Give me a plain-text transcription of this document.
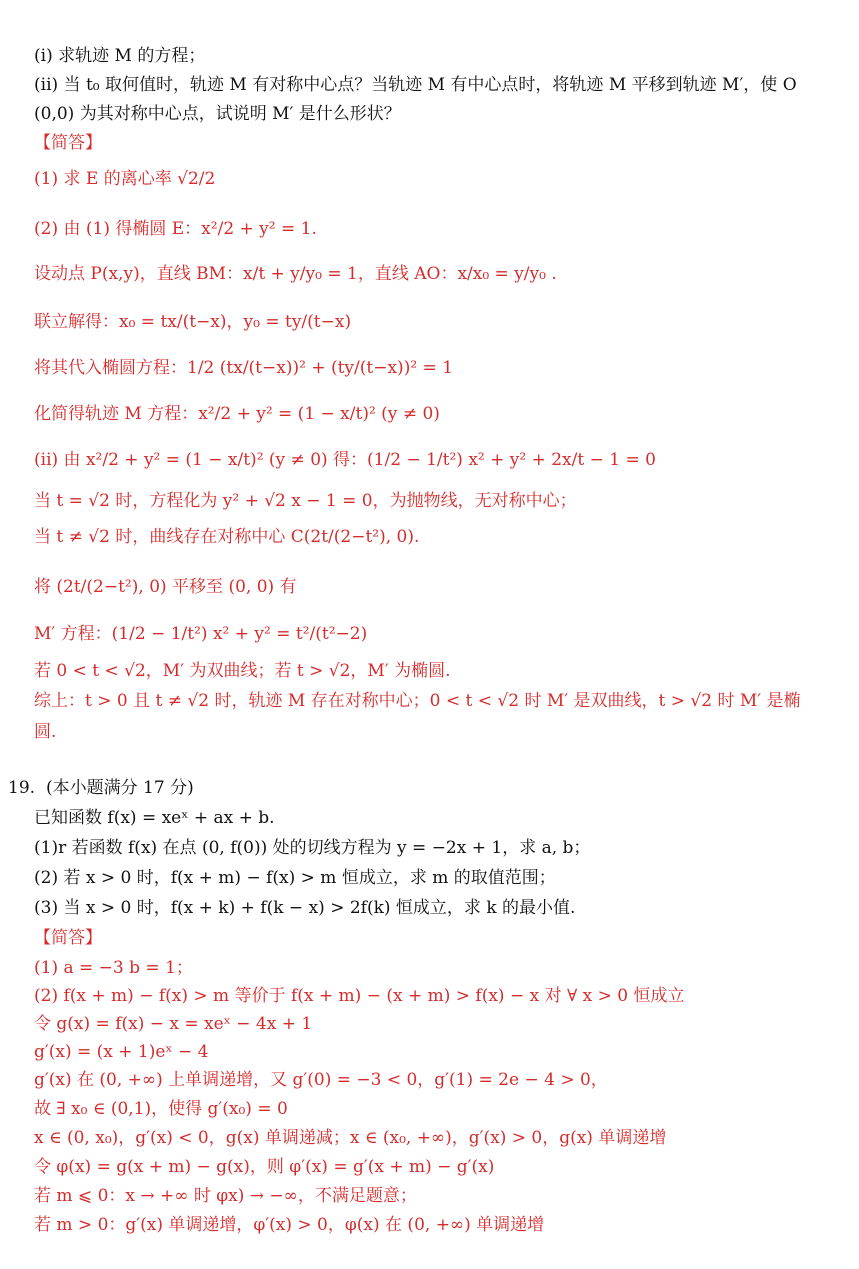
(i) 求轨迹 M 的方程；
(ii) 当 t₀ 取何值时，轨迹 M 有对称中心点？当轨迹 M 有中心点时，将轨迹 M 平移到轨迹 M′，使 O
(0,0) 为其对称中心点，试说明 M′ 是什么形状？
【简答】
(1) 求 E 的离心率 √2/2
(2) 由 (1) 得椭圆 E：x²/2 + y² = 1.
设动点 P(x,y)，直线 BM：x/t + y/y₀ = 1，直线 AO：x/x₀ = y/y₀ .
联立解得：x₀ = tx/(t−x)，y₀ = ty/(t−x)
将其代入椭圆方程：1/2 (tx/(t−x))² + (ty/(t−x))² = 1
化简得轨迹 M 方程：x²/2 + y² = (1 − x/t)² (y ≠ 0)
(ii) 由 x²/2 + y² = (1 − x/t)² (y ≠ 0) 得：(1/2 − 1/t²) x² + y² + 2x/t − 1 = 0
当 t = √2 时，方程化为 y² + √2 x − 1 = 0，为抛物线，无对称中心；
当 t ≠ √2 时，曲线存在对称中心 C(2t/(2−t²), 0).
将 (2t/(2−t²), 0) 平移至 (0, 0) 有
M′ 方程：(1/2 − 1/t²) x² + y² = t²/(t²−2)
若 0 < t < √2，M′ 为双曲线；若 t > √2，M′ 为椭圆.
综上：t > 0 且 t ≠ √2 时，轨迹 M 存在对称中心；0 < t < √2 时 M′ 是双曲线，t > √2 时 M′ 是椭
圆.
19. (本小题满分 17 分)
已知函数 f(x) = xeˣ + ax + b.
(1)r 若函数 f(x) 在点 (0, f(0)) 处的切线方程为 y = −2x + 1，求 a, b；
(2) 若 x > 0 时，f(x + m) − f(x) > m 恒成立，求 m 的取值范围；
(3) 当 x > 0 时，f(x + k) + f(k − x) > 2f(k) 恒成立，求 k 的最小值.
【简答】
(1) a = −3 b = 1；
(2) f(x + m) − f(x) > m 等价于 f(x + m) − (x + m) > f(x) − x 对 ∀ x > 0 恒成立
令 g(x) = f(x) − x = xeˣ − 4x + 1
g′(x) = (x + 1)eˣ − 4
g′(x) 在 (0, +∞) 上单调递增，又 g′(0) = −3 < 0，g′(1) = 2e − 4 > 0，
故 ∃ x₀ ∈ (0,1)，使得 g′(x₀) = 0
x ∈ (0, x₀)，g′(x) < 0，g(x) 单调递减；x ∈ (x₀, +∞)，g′(x) > 0，g(x) 单调递增
令 φ(x) = g(x + m) − g(x)，则 φ′(x) = g′(x + m) − g′(x)
若 m ⩽ 0：x → +∞ 时 φx) → −∞，不满足题意；
若 m > 0：g′(x) 单调递增，φ′(x) > 0，φ(x) 在 (0, +∞) 单调递增
